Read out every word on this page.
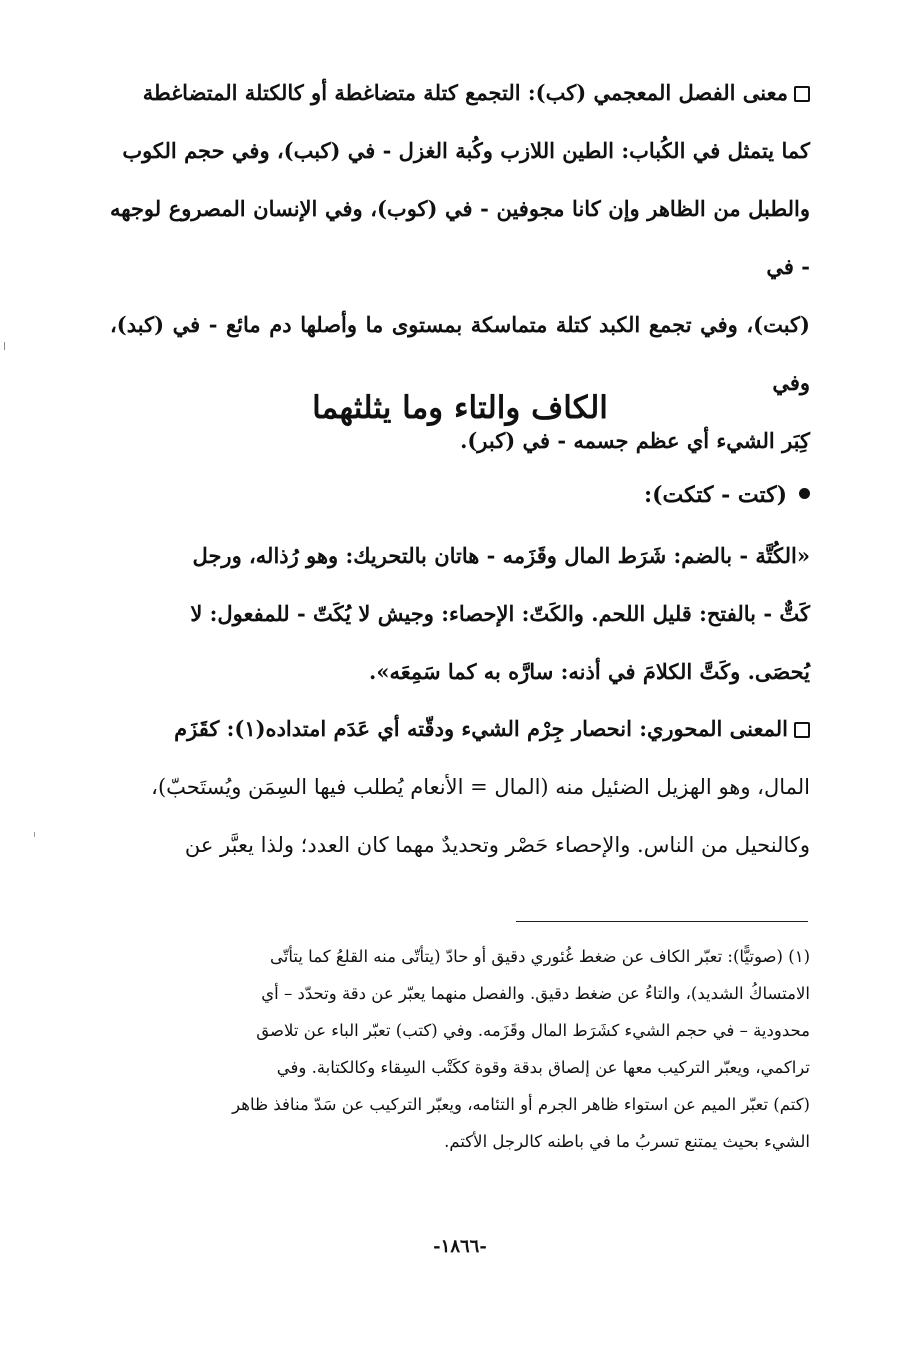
معنى الفصل المعجمي (كب): التجمع كتلة متضاغطة أو كالكتلة المتضاغطة
كما يتمثل في الكُباب: الطين اللازب وكُبة الغزل - في (كبب)، وفي حجم الكوب
والطبل من الظاهر وإن كانا مجوفين - في (كوب)، وفي الإنسان المصروع لوجهه - في
(كبت)، وفي تجمع الكبد كتلة متماسكة بمستوى ما وأصلها دم مائع - في (كبد)، وفي
كِبَر الشيء أي عظم جسمه - في (كبر).
الكاف والتاء وما يثلثهما
(كتت - كتكت):
«الكُتَّة - بالضم: شَرَط المال وقَزَمه - هاتان بالتحريك: وهو رُذاله، ورجل
كَتٌّ - بالفتح: قليل اللحم. والكَتّ: الإحصاء: وجيش لا يُكَتّ - للمفعول: لا
يُحصَى. وكَتَّ الكلامَ في أذنه: سارَّه به كما سَمِعَه».
المعنى المحوري: انحصار جِرْم الشيء ودقّته أي عَدَم امتداده(١): كقَزَم
المال، وهو الهزيل الضئيل منه (المال = الأنعام يُطلب فيها السِمَن ويُستَحبّ)،
وكالنحيل من الناس. والإحصاء حَصْر وتحديدٌ مهما كان العدد؛ ولذا يعبَّر عن
(١) (صوتيًّا): تعبّر الكاف عن ضغط غُئوري دقيق أو حادّ (يتأتّى منه القلعُ كما يتأتّى
الامتساكُ الشديد)، والتاءُ عن ضغط دقيق. والفصل منهما يعبّر عن دقة وتحدّد – أي
محدودية – في حجم الشيء كشَرَط المال وقَزَمه. وفي (كتب) تعبّر الباء عن تلاصق
تراكمي، ويعبّر التركيب معها عن إلصاق بدقة وقوة ككَتْب السِقاء وكالكتابة. وفي
(كتم) تعبّر الميم عن استواء ظاهر الجرم أو التئامه، ويعبّر التركيب عن سَدّ منافذ ظاهر
الشيء بحيث يمتنع تسربُ ما في باطنه كالرجل الأكتم.
-١٨٦٦-
